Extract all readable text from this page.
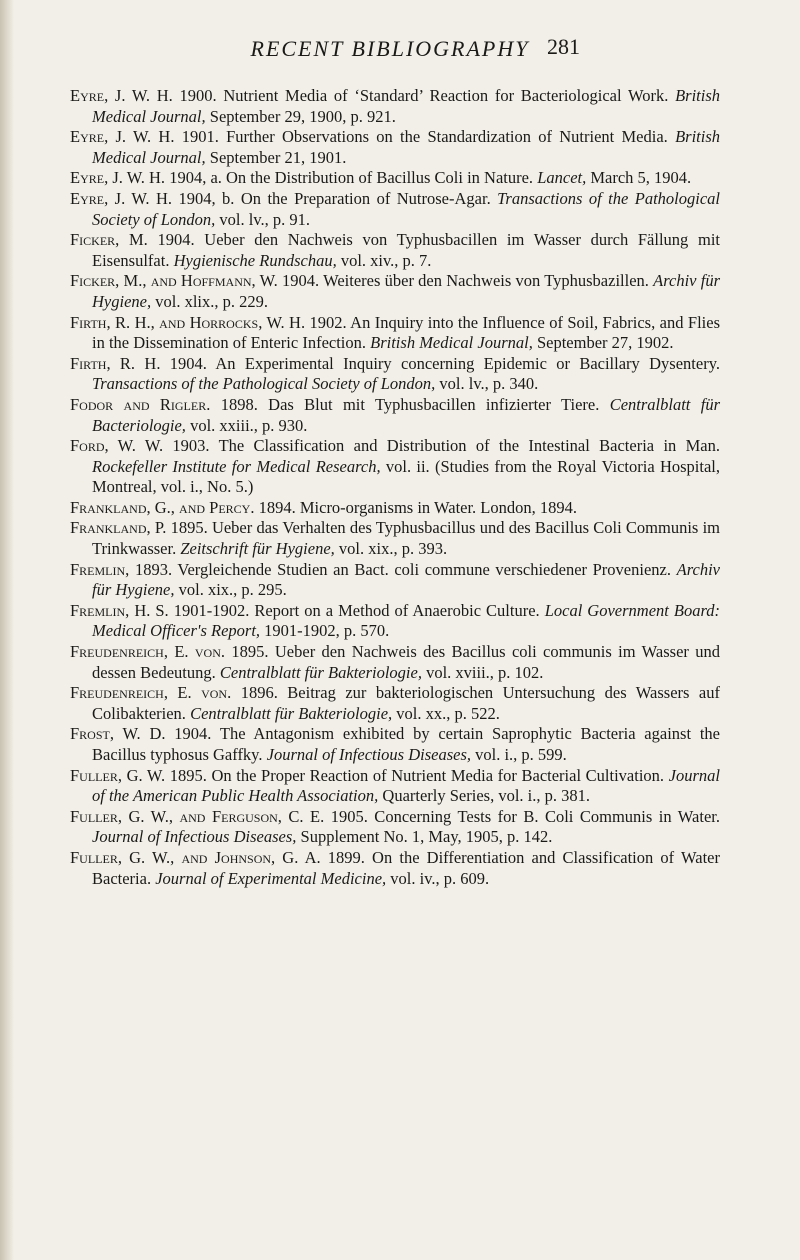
RECENT BIBLIOGRAPHY 281
Eyre, J. W. H. 1900. Nutrient Media of ‘Standard’ Reaction for Bacteriological Work. British Medical Journal, September 29, 1900, p. 921.
Eyre, J. W. H. 1901. Further Observations on the Standardization of Nutrient Media. British Medical Journal, September 21, 1901.
Eyre, J. W. H. 1904, a. On the Distribution of Bacillus Coli in Nature. Lancet, March 5, 1904.
Eyre, J. W. H. 1904, b. On the Preparation of Nutrose-Agar. Transactions of the Pathological Society of London, vol. lv., p. 91.
Ficker, M. 1904. Ueber den Nachweis von Typhusbacillen im Wasser durch Fällung mit Eisensulfat. Hygienische Rundschau, vol. xiv., p. 7.
Ficker, M., and Hoffmann, W. 1904. Weiteres über den Nachweis von Typhusbazillen. Archiv für Hygiene, vol. xlix., p. 229.
Firth, R. H., and Horrocks, W. H. 1902. An Inquiry into the Influence of Soil, Fabrics, and Flies in the Dissemination of Enteric Infection. British Medical Journal, September 27, 1902.
Firth, R. H. 1904. An Experimental Inquiry concerning Epidemic or Bacillary Dysentery. Transactions of the Pathological Society of London, vol. lv., p. 340.
Fodor and Rigler. 1898. Das Blut mit Typhusbacillen infizierter Tiere. Centralblatt für Bacteriologie, vol. xxiii., p. 930.
Ford, W. W. 1903. The Classification and Distribution of the Intestinal Bacteria in Man. Rockefeller Institute for Medical Research, vol. ii. (Studies from the Royal Victoria Hospital, Montreal, vol. i., No. 5.)
Frankland, G., and Percy. 1894. Micro-organisms in Water. London, 1894.
Frankland, P. 1895. Ueber das Verhalten des Typhusbacillus und des Bacillus Coli Communis im Trinkwasser. Zeitschrift für Hygiene, vol. xix., p. 393.
Fremlin, 1893. Vergleichende Studien an Bact. coli commune verschiedener Provenienz. Archiv für Hygiene, vol. xix., p. 295.
Fremlin, H. S. 1901-1902. Report on a Method of Anaerobic Culture. Local Government Board: Medical Officer's Report, 1901-1902, p. 570.
Freudenreich, E. von. 1895. Ueber den Nachweis des Bacillus coli communis im Wasser und dessen Bedeutung. Centralblatt für Bakteriologie, vol. xviii., p. 102.
Freudenreich, E. von. 1896. Beitrag zur bakteriologischen Untersuchung des Wassers auf Colibakterien. Centralblatt für Bakteriologie, vol. xx., p. 522.
Frost, W. D. 1904. The Antagonism exhibited by certain Saprophytic Bacteria against the Bacillus typhosus Gaffky. Journal of Infectious Diseases, vol. i., p. 599.
Fuller, G. W. 1895. On the Proper Reaction of Nutrient Media for Bacterial Cultivation. Journal of the American Public Health Association, Quarterly Series, vol. i., p. 381.
Fuller, G. W., and Ferguson, C. E. 1905. Concerning Tests for B. Coli Communis in Water. Journal of Infectious Diseases, Supplement No. 1, May, 1905, p. 142.
Fuller, G. W., and Johnson, G. A. 1899. On the Differentiation and Classification of Water Bacteria. Journal of Experimental Medicine, vol. iv., p. 609.
